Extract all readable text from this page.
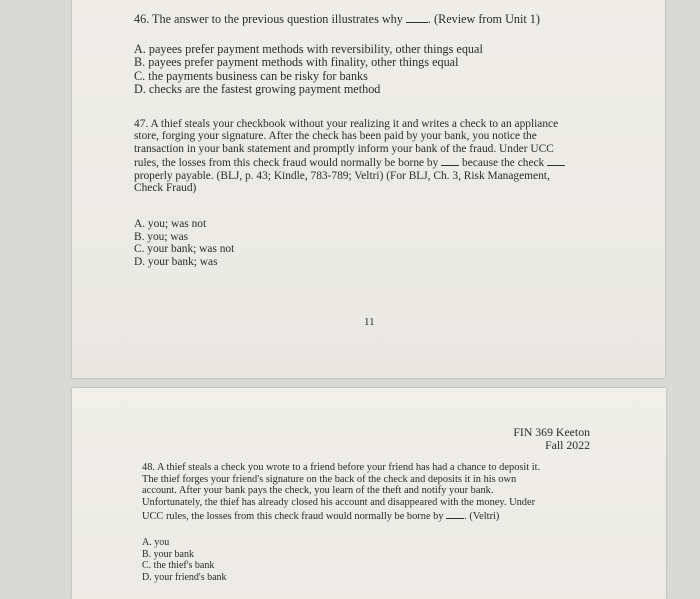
46. The answer to the previous question illustrates why . (Review from Unit 1)
A. payees prefer payment methods with reversibility, other things equal
B. payees prefer payment methods with finality, other things equal
C. the payments business can be risky for banks
D. checks are the fastest growing payment method
47. A thief steals your checkbook without your realizing it and writes a check to an appliance
store, forging your signature. After the check has been paid by your bank, you notice the
transaction in your bank statement and promptly inform your bank of the fraud. Under UCC
rules, the losses from this check fraud would normally be borne by because the check
properly payable. (BLJ, p. 43; Kindle, 783-789; Veltri) (For BLJ, Ch. 3, Risk Management,
Check Fraud)
A. you; was not
B. you; was
C. your bank; was not
D. your bank; was
11
FIN 369 Keeton
Fall 2022
48. A thief steals a check you wrote to a friend before your friend has had a chance to deposit it.
The thief forges your friend's signature on the back of the check and deposits it in his own
account. After your bank pays the check, you learn of the theft and notify your bank.
Unfortunately, the thief has already closed his account and disappeared with the money. Under
UCC rules, the losses from this check fraud would normally be borne by . (Veltri)
A. you
B. your bank
C. the thief's bank
D. your friend's bank
